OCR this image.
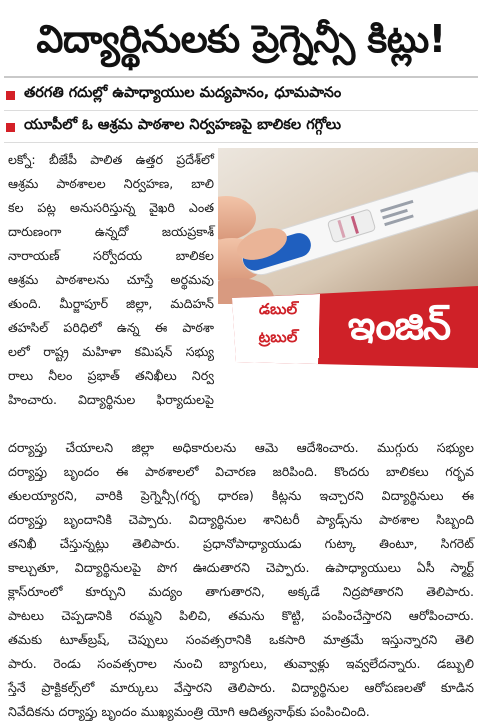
విద్యార్థినులకు ప్రెగ్నెన్సీ కిట్లు!
తరగతి గదుల్లో ఉపాధ్యాయుల మద్యపానం, ధూమపానం
యూపీలో ఓ ఆశ్రమ పాఠశాల నిర్వహణపై బాలికల గగ్గోలు
డబుల్
ట్రబుల్	ఇంజిన్
లక్నో: బీజేపీ పాలిత ఉత్తర ప్రదేశ్‌లో
ఆశ్రమ పాఠశాలల నిర్వహణ, బాలి
కల పట్ల అనుసరిస్తున్న వైఖరి ఎంత
దారుణంగా ఉన్నదో జయప్రకాశ్
నారాయణ్ సర్వోదయ బాలికల
ఆశ్రమ పాఠశాలను చూస్తే అర్థమవు
తుంది. మీర్జాపూర్ జిల్లా, మదిహన్
తహసిల్ పరిధిలో ఉన్న ఈ పాఠశా
లలో రాష్ట్ర మహిళా కమిషన్ సభ్యు
రాలు నీలం ప్రభాత్ తనిఖీలు నిర్వ
హించారు. విద్యార్థినుల ఫిర్యాదులపై
దర్యాప్తు చేయాలని జిల్లా అధికారులను ఆమె ఆదేశించారు. ముగ్గురు సభ్యుల
దర్యాప్తు బృందం ఈ పాఠశాలలో విచారణ జరిపింది. కొందరు బాలికలు గర్భవ
తులయ్యారని, వారికి ప్రెగ్నెన్సీ(గర్భ ధారణ) కిట్లను ఇచ్చారని విద్యార్థినులు ఈ
దర్యాప్తు బృందానికి చెప్పారు. విద్యార్థినుల శానిటరీ ప్యాడ్స్‌ను పాఠశాల సిబ్బంది
తనిఖీ చేస్తున్నట్లు తెలిపారు. ప్రధానోపాధ్యాయుడు గుట్కా తింటూ, సిగరెట్
కాల్చుతూ, విద్యార్థినులపై పొగ ఊదుతారని చెప్పారు. ఉపాధ్యాయులు ఏసీ స్మార్ట్
క్లాస్‌రూంలో కూర్చుని మద్యం తాగుతారని, అక్కడే నిద్రపోతారని తెలిపారు.
పాటలు చెప్పడానికి రమ్మని పిలిచి, తమను కొట్టి, పంపించేస్తారని ఆరోపించారు.
తమకు టూత్‌బ్రష్, చెప్పులు సంవత్సరానికి ఒకసారి మాత్రమే ఇస్తున్నారని తెలి
పారు. రెండు సంవత్సరాల నుంచి బ్యాగులు, తువ్వాళ్లు ఇవ్వలేదన్నారు. డబ్బులి
స్తేనే ప్రాక్టికల్స్‌లో మార్కులు వేస్తారని తెలిపారు. విద్యార్థినుల ఆరోపణలతో కూడిన
నివేదికను దర్యాప్తు బృందం ముఖ్యమంత్రి యోగి ఆదిత్యనాథ్‌కు పంపించింది.
